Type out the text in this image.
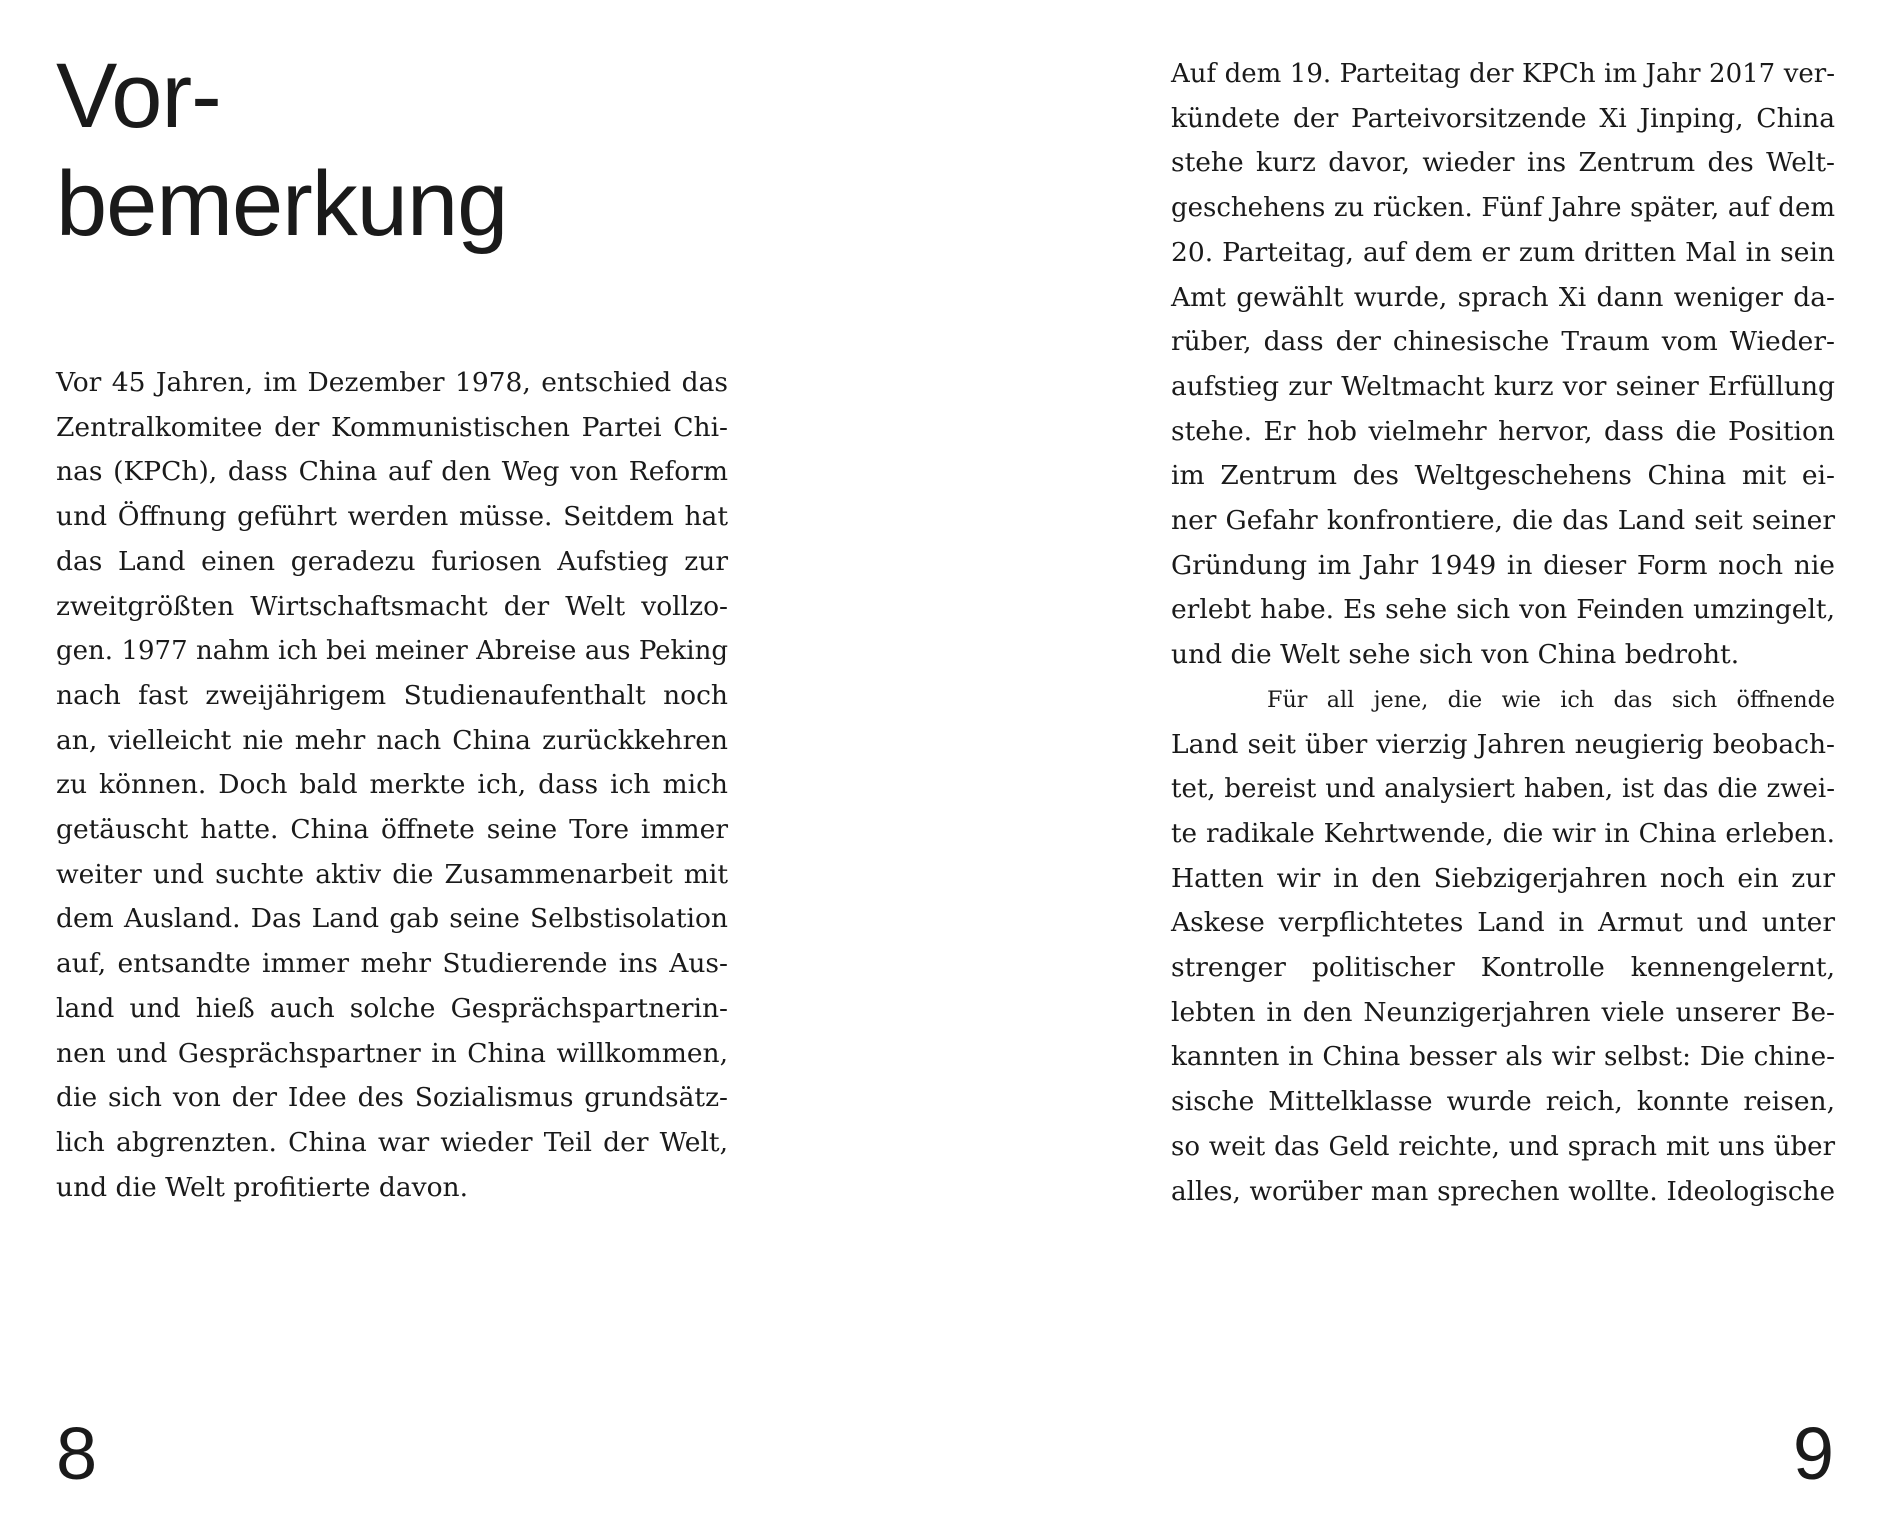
Vor-
bemerkung
Vor 45 Jahren, im Dezember 1978, entschied das
Zentralkomitee der Kommunistischen Partei Chi-
nas (KPCh), dass China auf den Weg von Reform
und Öffnung geführt werden müsse. Seitdem hat
das Land einen geradezu furiosen Aufstieg zur
zweitgrößten Wirtschaftsmacht der Welt vollzo-
gen. 1977 nahm ich bei meiner Abreise aus Peking
nach fast zweijährigem Studienaufenthalt noch
an, vielleicht nie mehr nach China zurückkehren
zu können. Doch bald merkte ich, dass ich mich
getäuscht hatte. China öffnete seine Tore immer
weiter und suchte aktiv die Zusammenarbeit mit
dem Ausland. Das Land gab seine Selbstisolation
auf, entsandte immer mehr Studierende ins Aus-
land und hieß auch solche Gesprächspartnerin-
nen und Gesprächspartner in China willkommen,
die sich von der Idee des Sozialismus grundsätz-
lich abgrenzten. China war wieder Teil der Welt,
und die Welt profitierte davon.
8
Auf dem 19. Parteitag der KPCh im Jahr 2017 ver-
kündete der Parteivorsitzende Xi Jinping, China
stehe kurz davor, wieder ins Zentrum des Welt-
geschehens zu rücken. Fünf Jahre später, auf dem
20. Parteitag, auf dem er zum dritten Mal in sein
Amt gewählt wurde, sprach Xi dann weniger da-
rüber, dass der chinesische Traum vom Wieder-
aufstieg zur Weltmacht kurz vor seiner Erfüllung
stehe. Er hob vielmehr hervor, dass die Position
im Zentrum des Weltgeschehens China mit ei-
ner Gefahr konfrontiere, die das Land seit seiner
Gründung im Jahr 1949 in dieser Form noch nie
erlebt habe. Es sehe sich von Feinden umzingelt,
und die Welt sehe sich von China bedroht.
Für all jene, die wie ich das sich öffnende
Land seit über vierzig Jahren neugierig beobach-
tet, bereist und analysiert haben, ist das die zwei-
te radikale Kehrtwende, die wir in China erleben.
Hatten wir in den Siebzigerjahren noch ein zur
Askese verpflichtetes Land in Armut und unter
strenger politischer Kontrolle kennengelernt,
lebten in den Neunzigerjahren viele unserer Be-
kannten in China besser als wir selbst: Die chine-
sische Mittelklasse wurde reich, konnte reisen,
so weit das Geld reichte, und sprach mit uns über
alles, worüber man sprechen wollte. Ideologische
9
